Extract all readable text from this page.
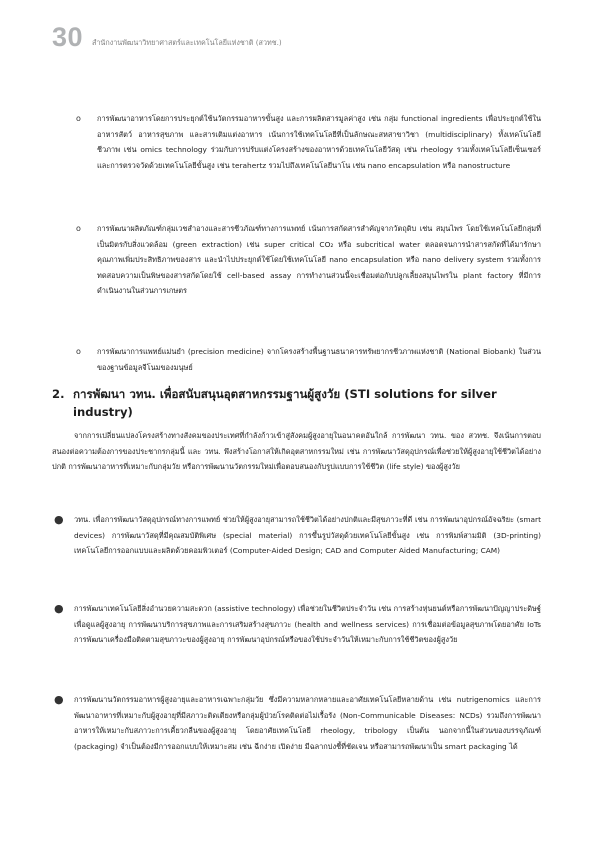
30 สำนักงานพัฒนาวิทยาศาสตร์และเทคโนโลยีแห่งชาติ (สวทช.)
o การพัฒนาอาหารโดยการประยุกต์ใช้นวัตกรรมอาหารขั้นสูง และการผลิตสารมูลค่าสูง เช่น กลุ่ม functional ingredients เพื่อประยุกต์ใช้ในอาหารสัตว์ อาหารสุขภาพ และสารเติมแต่งอาหาร เน้นการใช้เทคโนโลยีที่เป็นลักษณะสหสาขาวิชา (multidisciplinary) ทั้งเทคโนโลยีชีวภาพ เช่น omics technology ร่วมกับการปรับแต่งโครงสร้างของอาหารด้วยเทคโนโลยีวัสดุ เช่น rheology รวมทั้งเทคโนโลยีเซ็นเซอร์ และการตรวจวัดด้วยเทคโนโลยีขั้นสูง เช่น terahertz รวมไปถึงเทคโนโลยีนาโน เช่น nano encapsulation หรือ nanostructure

o การพัฒนาผลิตภัณฑ์กลุ่มเวชสำอางและสารชีวภัณฑ์ทางการแพทย์ เน้นการสกัดสารสำคัญจากวัตถุดิบ เช่น สมุนไพร โดยใช้เทคโนโลยีกลุ่มที่เป็นมิตรกับสิ่งแวดล้อม (green extraction) เช่น super critical CO₂ หรือ subcritical water ตลอดจนการนำสารสกัดที่ได้มารักษาคุณภาพเพิ่มประสิทธิภาพของสาร และนำไปประยุกต์ใช้โดยใช้เทคโนโลยี nano encapsulation หรือ nano delivery system รวมทั้งการทดสอบความเป็นพิษของสารสกัดโดยใช้ cell-based assay การทำงานส่วนนี้จะเชื่อมต่อกับปลูกเลี้ยงสมุนไพรใน plant factory ที่มีการดำเนินงานในส่วนการเกษตร

o การพัฒนาการแพทย์แม่นยำ (precision medicine) จากโครงสร้างพื้นฐานธนาคารทรัพยากรชีวภาพแห่งชาติ (National Biobank) ในส่วนของฐานข้อมูลจีโนมของมนุษย์

2. การพัฒนา วทน. เพื่อสนับสนุนอุตสาหกรรมฐานผู้สูงวัย (STI solutions for silver industry)

จากการเปลี่ยนแปลงโครงสร้างทางสังคมของประเทศที่กำลังก้าวเข้าสู่สังคมผู้สูงอายุในอนาคตอันใกล้ การพัฒนา วทน. ของ สวทช. จึงเน้นการตอบสนองต่อความต้องการของประชากรกลุ่มนี้ และ วทน. พึงสร้างโอกาสให้เกิดอุตสาหกรรมใหม่ เช่น การพัฒนาวัสดุอุปกรณ์เพื่อช่วยให้ผู้สูงอายุใช้ชีวิตได้อย่างปกติ การพัฒนาอาหารที่เหมาะกับกลุ่มวัย หรือการพัฒนานวัตกรรมใหม่เพื่อตอบสนองกับรูปแบบการใช้ชีวิต (life style) ของผู้สูงวัย

● วทน. เพื่อการพัฒนาวัสดุอุปกรณ์ทางการแพทย์ ช่วยให้ผู้สูงอายุสามารถใช้ชีวิตได้อย่างปกติและมีสุขภาวะที่ดี เช่น การพัฒนาอุปกรณ์อัจฉริยะ (smart devices) การพัฒนาวัสดุที่มีคุณสมบัติพิเศษ (special material) การขึ้นรูปวัสดุด้วยเทคโนโลยีขั้นสูง เช่น การพิมพ์สามมิติ (3D-printing) เทคโนโลยีการออกแบบและผลิตด้วยคอมพิวเตอร์ (Computer-Aided Design; CAD and Computer Aided Manufacturing; CAM)

● การพัฒนาเทคโนโลยีสิ่งอำนวยความสะดวก (assistive technology) เพื่อช่วยในชีวิตประจำวัน เช่น การสร้างหุ่นยนต์หรือการพัฒนาปัญญาประดิษฐ์เพื่อดูแลผู้สูงอายุ การพัฒนาบริการสุขภาพและการเสริมสร้างสุขภาวะ (health and wellness services) การเชื่อมต่อข้อมูลสุขภาพโดยอาศัย IoTs การพัฒนาเครื่องมือติดตามสุขภาวะของผู้สูงอายุ การพัฒนาอุปกรณ์หรือของใช้ประจำวันให้เหมาะกับการใช้ชีวิตของผู้สูงวัย

● การพัฒนานวัตกรรมอาหารผู้สูงอายุและอาหารเฉพาะกลุ่มวัย ซึ่งมีความหลากหลายและอาศัยเทคโนโลยีหลายด้าน เช่น nutrigenomics และการพัฒนาอาหารที่เหมาะกับผู้สูงอายุที่มีสภาวะติดเตียงหรือกลุ่มผู้ป่วยโรคติดต่อไม่เรื้อรัง (Non-Communicable Diseases: NCDs) รวมถึงการพัฒนาอาหารให้เหมาะกับสภาวะการเคี้ยวกลืนของผู้สูงอายุ โดยอาศัยเทคโนโลยี rheology, tribology เป็นต้น นอกจากนี้ในส่วนของบรรจุภัณฑ์ (packaging) จำเป็นต้องมีการออกแบบให้เหมาะสม เช่น ฉีกง่าย เปิดง่าย มีฉลากบ่งชี้ที่ชัดเจน หรือสามารถพัฒนาเป็น smart packaging ได้
